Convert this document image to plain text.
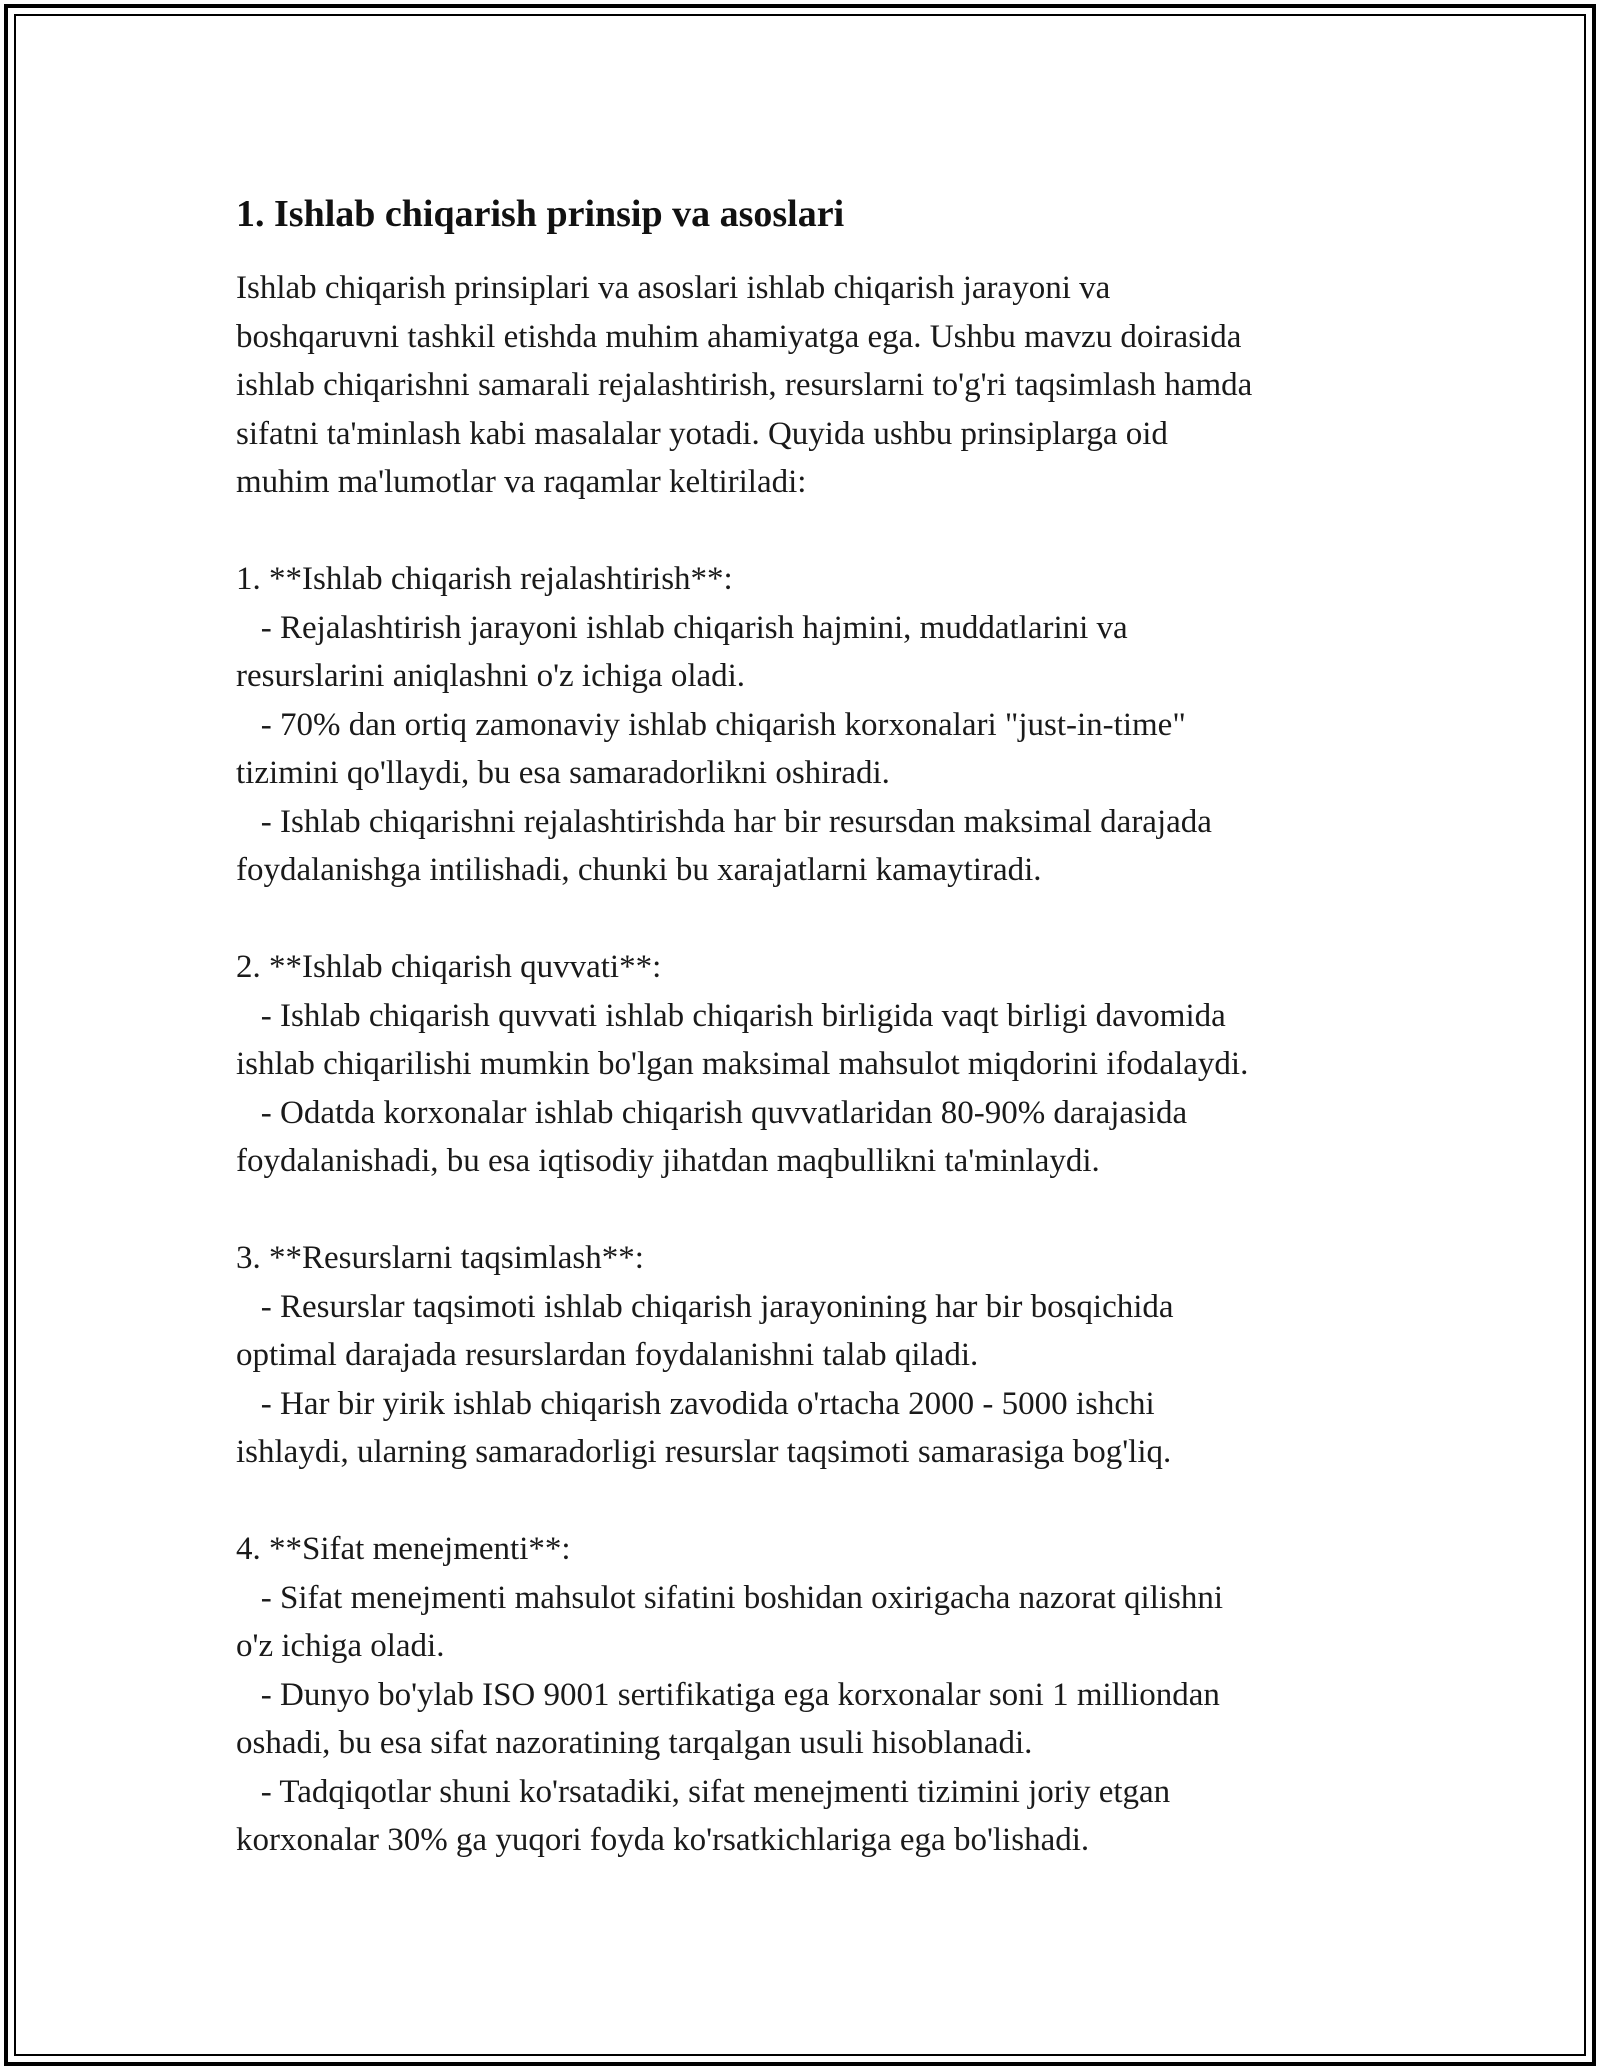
1. Ishlab chiqarish prinsip va asoslari

Ishlab chiqarish prinsiplari va asoslari ishlab chiqarish jarayoni va
boshqaruvni tashkil etishda muhim ahamiyatga ega. Ushbu mavzu doirasida
ishlab chiqarishni samarali rejalashtirish, resurslarni to'g'ri taqsimlash hamda
sifatni ta'minlash kabi masalalar yotadi. Quyida ushbu prinsiplarga oid
muhim ma'lumotlar va raqamlar keltiriladi:

1. **Ishlab chiqarish rejalashtirish**:
- Rejalashtirish jarayoni ishlab chiqarish hajmini, muddatlarini va
resurslarini aniqlashni o'z ichiga oladi.
- 70% dan ortiq zamonaviy ishlab chiqarish korxonalari "just-in-time"
tizimini qo'llaydi, bu esa samaradorlikni oshiradi.
- Ishlab chiqarishni rejalashtirishda har bir resursdan maksimal darajada
foydalanishga intilishadi, chunki bu xarajatlarni kamaytiradi.

2. **Ishlab chiqarish quvvati**:
- Ishlab chiqarish quvvati ishlab chiqarish birligida vaqt birligi davomida
ishlab chiqarilishi mumkin bo'lgan maksimal mahsulot miqdorini ifodalaydi.
- Odatda korxonalar ishlab chiqarish quvvatlaridan 80-90% darajasida
foydalanishadi, bu esa iqtisodiy jihatdan maqbullikni ta'minlaydi.

3. **Resurslarni taqsimlash**:
- Resurslar taqsimoti ishlab chiqarish jarayonining har bir bosqichida
optimal darajada resurslardan foydalanishni talab qiladi.
- Har bir yirik ishlab chiqarish zavodida o'rtacha 2000 - 5000 ishchi
ishlaydi, ularning samaradorligi resurslar taqsimoti samarasiga bog'liq.

4. **Sifat menejmenti**:
- Sifat menejmenti mahsulot sifatini boshidan oxirigacha nazorat qilishni
o'z ichiga oladi.
- Dunyo bo'ylab ISO 9001 sertifikatiga ega korxonalar soni 1 milliondan
oshadi, bu esa sifat nazoratining tarqalgan usuli hisoblanadi.
- Tadqiqotlar shuni ko'rsatadiki, sifat menejmenti tizimini joriy etgan
korxonalar 30% ga yuqori foyda ko'rsatkichlariga ega bo'lishadi.
